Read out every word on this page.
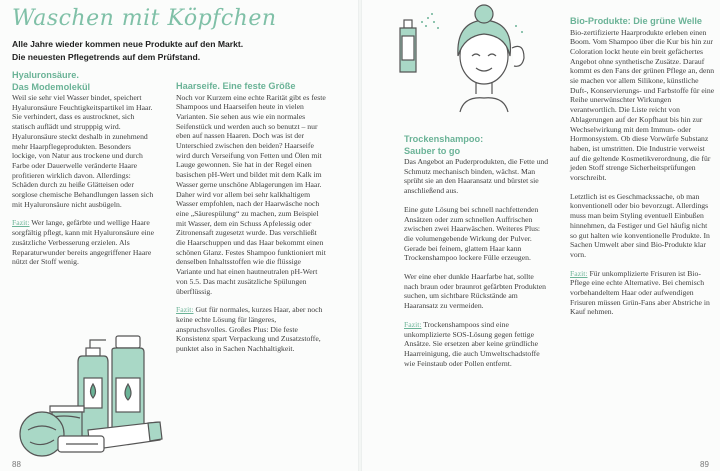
Waschen mit Köpfchen
Alle Jahre wieder kommen neue Produkte auf den Markt.
Die neuesten Pflegetrends auf dem Prüfstand.
Hyaluronsäure.
Das Modemolekül

Weil sie sehr viel Wasser bindet, speichert Hyaluronsäure Feuchtigkeitspartikel im Haar. Sie verhindert, dass es austrocknet, sich statisch auflädt und strupppig wird. Hyaluronsäure steckt deshalb in zunehmend mehr Haarpflegeprodukten. Besonders lockige, von Natur aus trockene und durch Farbe oder Dauerwelle veränderte Haare profitieren wirklich davon. Allerdings: Schäden durch zu heiße Glätteisen oder sorglose chemische Behandlungen lassen sich mit Hyaluronsäure nicht ausbügeln.

Fazit: Wer lange, gefärbte und wellige Haare sorgfältig pflegt, kann mit Hyaluronsäure eine zusätzliche Verbesserung erzielen. Als Reparaturwunder bereits angegriffener Haare nützt der Stoff wenig.

Haarseife. Eine feste Größe

Noch vor Kurzem eine echte Rarität gibt es feste Shampoos und Haarseifen heute in vielen Varianten. Sie sehen aus wie ein normales Seifenstück und werden auch so benutzt – nur eben auf nassen Haaren. Doch was ist der Unterschied zwischen den beiden? Haarseife wird durch Verseifung von Fetten und Ölen mit Lauge gewonnen. Sie hat in der Regel einen basischen pH-Wert und bildet mit dem Kalk im Wasser gerne unschöne Ablagerungen im Haar. Daher wird vor allem bei sehr kalkhaltigem Wasser empfohlen, nach der Haarwäsche noch eine „Säurespülung“ zu machen, zum Beispiel mit Wasser, dem ein Schuss Apfelessig oder Zitronensaft zugesetzt wurde. Das verschließt die Haarschuppen und das Haar bekommt einen schönen Glanz. Festes Shampoo funktioniert mit denselben Inhaltsstoffen wie die flüssige Variante und hat einen hautneutralen pH-Wert von 5.5. Das macht zusätzliche Spülungen überflüssig.

Fazit: Gut für normales, kurzes Haar, aber noch keine echte Lösung für längeres, anspruchsvolles. Großes Plus: Die feste Konsistenz spart Verpackung und Zusatzstoffe, punktet also in Sachen Nachhaltigkeit.

88
Trockenshampoo:
Sauber to go

Das Angebot an Puderprodukten, die Fette und Schmutz mechanisch binden, wächst. Man sprüht sie an den Haaransatz und bürstet sie anschließend aus.

Eine gute Lösung bei schnell nachfettenden Ansätzen oder zum schnellen Auffrischen zwischen zwei Haarwäschen. Weiteres Plus: die volumengebende Wirkung der Pulver. Gerade bei feinem, glattem Haar kann Trockenshampoo lockere Fülle erzeugen.

Wer eine eher dunkle Haarfarbe hat, sollte nach braun oder braunrot gefärbten Produkten suchen, um sichtbare Rückstände am Haaransatz zu vermeiden.

Fazit: Trockenshampoos sind eine unkomplizierte SOS-Lösung gegen fettige Ansätze. Sie ersetzen aber keine gründliche Haarreinigung, die auch Umweltschadstoffe wie Feinstaub oder Pollen entfernt.

Bio-Produkte: Die grüne Welle

Bio-zertifizierte Haarprodukte erleben einen Boom. Vom Shampoo über die Kur bis hin zur Coloration lockt heute ein breit gefächertes Angebot ohne synthetische Zusätze. Darauf kommt es den Fans der grünen Pflege an, denn sie machen vor allem Silikone, künstliche Duft-, Konservierungs- und Farbstoffe für eine Reihe unerwünschter Wirkungen verantwortlich. Die Liste reicht von Ablagerungen auf der Kopfhaut bis hin zur Wechselwirkung mit dem Immun- oder Hormonsystem. Ob diese Vorwürfe Substanz haben, ist umstritten. Die Industrie verweist auf die geltende Kosmetikverordnung, die für jeden Stoff strenge Sicherheitsprüfungen vorschreibt.

Letztlich ist es Geschmackssache, ob man konventionell oder bio bevorzugt. Allerdings muss man beim Styling eventuell Einbußen hinnehmen, da Festiger und Gel häufig nicht so gut halten wie konventionelle Produkte. In Sachen Umwelt aber sind Bio-Produkte klar vorn.

Fazit: Für unkomplizierte Frisuren ist Bio-Pflege eine echte Alternative. Bei chemisch vorbehandeltem Haar oder aufwendigen Frisuren müssen Grün-Fans aber Abstriche in Kauf nehmen.

89
